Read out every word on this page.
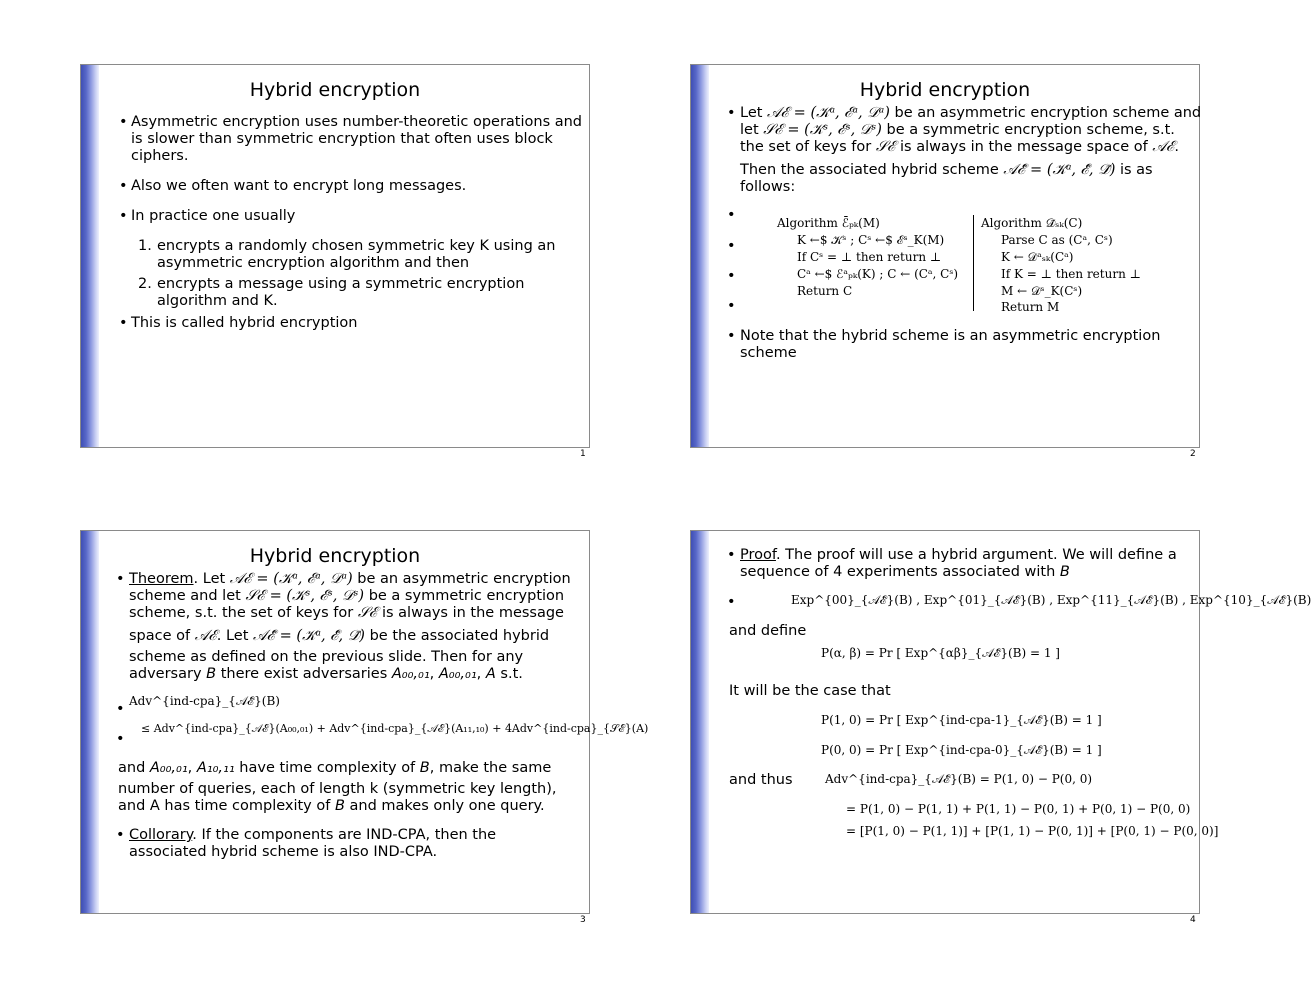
Hybrid encryption
• Asymmetric encryption uses number-theoretic operations and
is slower than symmetric encryption that often uses block
ciphers.
• Also we often want to encrypt long messages.
• In practice one usually
1. encrypts a randomly chosen symmetric key K using an
asymmetric encryption algorithm and then
2. encrypts a message using a symmetric encryption
algorithm and K.
• This is called hybrid encryption
1
Hybrid encryption
• Let 𝒜ℰ = (𝒦ᵃ, ℰᵃ, 𝒟ᵃ) be an asymmetric encryption scheme and
let 𝒮ℰ = (𝒦ˢ, ℰˢ, 𝒟ˢ) be a symmetric encryption scheme, s.t.
the set of keys for 𝒮ℰ is always in the message space of 𝒜ℰ.
Then the associated hybrid scheme 𝒜ℰ̄ = (𝒦ᵃ, ℰ̄, 𝒟̄) is as
follows:
•
•
•
•
Algorithm ℰ̄ₚₖ(M)
K ←$ 𝒦ˢ ; Cˢ ←$ ℰˢ_K(M)
If Cˢ = ⊥ then return ⊥
Cᵃ ←$ ℰᵃₚₖ(K) ; C ← (Cᵃ, Cˢ)
Return C
Algorithm 𝒟̄ₛₖ(C)
Parse C as (Cᵃ, Cˢ)
K ← 𝒟ᵃₛₖ(Cᵃ)
If K = ⊥ then return ⊥
M ← 𝒟ˢ_K(Cˢ)
Return M
• Note that the hybrid scheme is an asymmetric encryption
scheme
2
Hybrid encryption
• Theorem. Let 𝒜ℰ = (𝒦ᵃ, ℰᵃ, 𝒟ᵃ) be an asymmetric encryption
scheme and let 𝒮ℰ = (𝒦ˢ, ℰˢ, 𝒟ˢ) be a symmetric encryption
scheme, s.t. the set of keys for 𝒮ℰ is always in the message
space of 𝒜ℰ. Let 𝒜ℰ̄ = (𝒦ᵃ, ℰ̄, 𝒟̄) be the associated hybrid
scheme as defined on the previous slide. Then for any
adversary B there exist adversaries A₀₀,₀₁, A₀₀,₀₁, A s.t.
• Adv^{ind-cpa}_{𝒜ℰ̄}(B)
•
≤ Adv^{ind-cpa}_{𝒜ℰ}(A₀₀,₀₁) + Adv^{ind-cpa}_{𝒜ℰ}(A₁₁,₁₀) + 4Adv^{ind-cpa}_{𝒮ℰ}(A)
and A₀₀,₀₁, A₁₀,₁₁ have time complexity of B, make the same
number of queries, each of length k (symmetric key length),
and A has time complexity of B and makes only one query.
• Collorary. If the components are IND-CPA, then the
associated hybrid scheme is also IND-CPA.
3
• Proof. The proof will use a hybrid argument. We will define a
sequence of 4 experiments associated with B
•	Exp^{00}_{𝒜ℰ̄}(B) , Exp^{01}_{𝒜ℰ̄}(B) , Exp^{11}_{𝒜ℰ̄}(B) , Exp^{10}_{𝒜ℰ̄}(B)
and define
P(α, β) = Pr [ Exp^{αβ}_{𝒜ℰ̄}(B) = 1 ]
It will be the case that
P(1, 0) = Pr [ Exp^{ind-cpa-1}_{𝒜ℰ̄}(B) = 1 ]
P(0, 0) = Pr [ Exp^{ind-cpa-0}_{𝒜ℰ̄}(B) = 1 ]
and thus	Adv^{ind-cpa}_{𝒜ℰ̄}(B) = P(1, 0) − P(0, 0)
= P(1, 0) − P(1, 1) + P(1, 1) − P(0, 1) + P(0, 1) − P(0, 0)
= [P(1, 0) − P(1, 1)] + [P(1, 1) − P(0, 1)] + [P(0, 1) − P(0, 0)]
4
